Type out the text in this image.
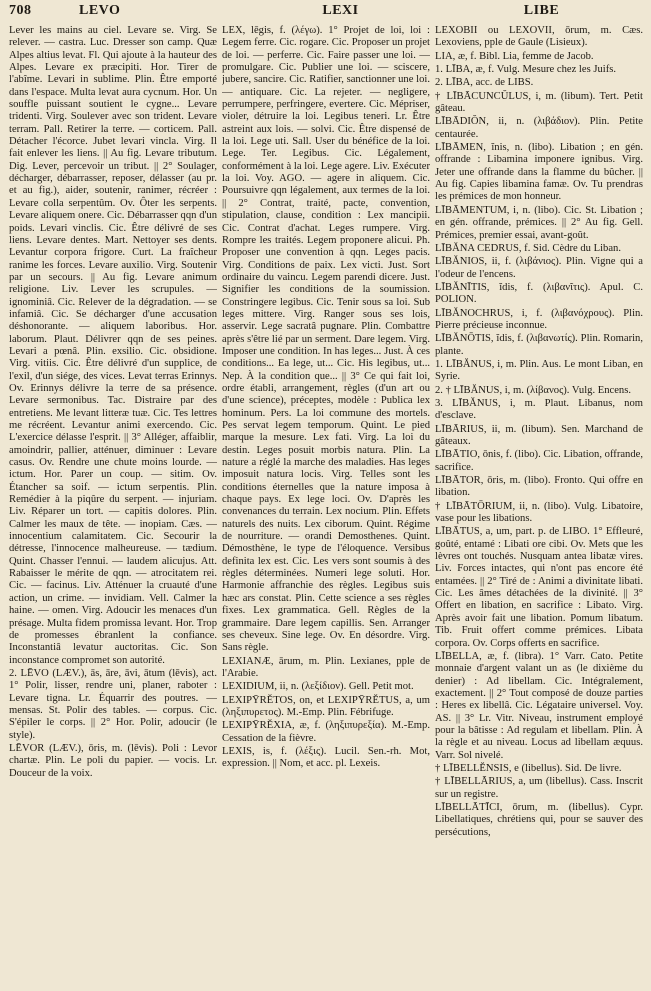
708	LEVO	LEXI	LIBE

Lever les mains au ciel. Levare se. Virg. Se relever. — castra. Luc. Dresser son camp. Quæ Alpes altius levat. Fl. Qui ajoute à la hauteur des Alpes. Levare ex præcipiti. Hor. Tirer de l'abîme. Levari in sublime. Plin. Être emporté dans l'espace. Multa levat aura cycnum. Hor. Un souffle puissant soutient le cygne... Levare tridenti. Virg. Soulever avec son trident. Levare terram. Pall. Retirer la terre. — corticem. Pall. Détacher l'écorce. Jubet levari vincla. Virg. Il fait enlever les liens. || Au fig. Levare tributum. Dig. Lever, percevoir un tribut. || 2° Soulager, décharger, débarrasser, reposer, délasser (au pr. et au fig.), aider, soutenir, ranimer, récréer : Levare colla serpentûm. Ov. Ôter les serpents. Levare aliquem onere. Cic. Débarrasser qqn d'un poids. Levari vinclis. Cic. Être délivré de ses liens. Levare dentes. Mart. Nettoyer ses dents. Levantur corpora frigore. Curt. La fraîcheur ranime les forces. Levare auxilio. Virg. Soutenir par un secours. || Au fig. Levare animum religione. Liv. Lever les scrupules. — ignominiâ. Cic. Relever de la dégradation. — se infamiâ. Cic. Se décharger d'une accusation déshonorante. — aliquem laboribus. Hor. laborum. Plaut. Délivrer qqn de ses peines. Levari a pœnâ. Plin. exsilio. Cic. obsidione. Virg. vitiis. Cic. Être délivré d'un supplice, de l'exil, d'un siége, des vices. Levat terras Erinnys. Ov. Erinnys délivre la terre de sa présence. Levare sermonibus. Tac. Distraire par des entretiens. Me levant litteræ tuæ. Cic. Tes lettres me récréent. Levantur animi exercendo. Cic. L'exercice délasse l'esprit. || 3° Alléger, affaiblir, amoindrir, pallier, atténuer, diminuer : Levare casus. Ov. Rendre une chute moins lourde. — ictum. Hor. Parer un coup. — sitim. Ov. Étancher sa soif. — ictum serpentis. Plin. Remédier à la piqûre du serpent. — injuriam. Liv. Réparer un tort. — capitis dolores. Plin. Calmer les maux de tête. — inopiam. Cæs. — innocentium calamitatem. Cic. Secourir la détresse, l'innocence malheureuse. — tædium. Quint. Chasser l'ennui. — laudem alicujus. Att. Rabaisser le mérite de qqn. — atrocitatem rei. Cic. — facinus. Liv. Atténuer la cruauté d'une action, un crime. — invidiam. Vell. Calmer la haine. — omen. Virg. Adoucir les menaces d'un présage. Multa fidem promissa levant. Hor. Trop de promesses ébranlent la confiance. Inconstantiâ levatur auctoritas. Cic. Son inconstance compromet son autorité.

2. LĒVO (LÆV.), ās, āre, āvi, ātum (lēvis), act. 1° Polir, lisser, rendre uni, planer, raboter : Levare tigna. Lr. Équarrir des poutres. — mensas. St. Polir des tables. — corpus. Cic. S'épiler le corps. || 2° Hor. Polir, adoucir (le style).

LĒVOR (LÆV.), ōris, m. (lēvis). Poli : Levor chartæ. Plin. Le poli du papier. — vocis. Lr. Douceur de la voix.

LEX, lēgis, f. (λέγω). 1° Projet de loi, loi : Legem ferre. Cic. rogare. Cic. Proposer un projet de loi. — perferre. Cic. Faire passer une loi. — promulgare. Cic. Publier une loi. — sciscere, jubere, sancire. Cic. Ratifier, sanctionner une loi. — antiquare. Cic. La rejeter. — negligere, perrumpere, perfringere, everterе. Cic. Mépriser, violer, détruire la loi. Legibus teneri. Lr. Être astreint aux lois. — solvi. Cic. Être dispensé de la loi. Lege uti. Sall. User du bénéfice de la loi. Lege. Ter. Legibus. Cic. Légalement, conformément à la loi. Lege agere. Liv. Exécuter la loi. Voy. AGO. — agere in aliquem. Cic. Poursuivre qqn légalement, aux termes de la loi. || 2° Contrat, traité, pacte, convention, stipulation, clause, condition : Lex mancipii. Cic. Contrat d'achat. Leges rumpere. Virg. Rompre les traités. Legem proponere alicui. Ph. Proposer une convention à qqn. Leges pacis. Virg. Conditions de paix. Lex victi. Just. Sort ordinaire du vaincu. Legem parendi dicere. Just. Signifier les conditions de la soumission. Constringere legibus. Cic. Tenir sous sa loi. Sub leges mittere. Virg. Ranger sous ses lois, asservir. Lege sacratâ pugnare. Plin. Combattre après s'être lié par un serment. Dare legem. Virg. Imposer une condition. In has leges... Just. À ces conditions... Ea lege, ut... Cic. His legibus, ut... Nep. À la condition que... || 3° Ce qui fait loi, ordre établi, arrangement, règles (d'un art ou d'une science), préceptes, modèle : Publica lex hominum. Pers. La loi commune des mortels. Pes servat legem temporum. Quint. Le pied marque la mesure. Lex fati. Virg. La loi du destin. Leges posuit morbis natura. Plin. La nature a réglé la marche des maladies. Has leges imposuit natura locis. Virg. Telles sont les conditions éternelles que la nature imposa à chaque pays. Ex lege loci. Ov. D'après les convenances du terrain. Lex nocium. Plin. Effets naturels des nuits. Lex ciborum. Quint. Régime de nourriture. — orandi Demosthenes. Quint. Démosthène, le type de l'éloquence. Versibus definita lex est. Cic. Les vers sont soumis à des règles déterminées. Numeri lege soluti. Hor. Harmonie affranchie des règles. Legibus suis hæc ars constat. Plin. Cette science a ses règles fixes. Lex grammatica. Gell. Règles de la grammaire. Dare legem capillis. Sen. Arranger ses cheveux. Sine lege. Ov. En désordre. Virg. Sans règle.

LEXIANÆ, ārum, m. Plin. Lexianes, pple de l'Arabie.

LEXIDIUM, ii, n. (λεξίδιον). Gell. Petit mot.

LEXIPȲRĔTOS, on, et LEXIPȲRĔTUS, a, um (ληξιπυρετος). M.-Emp. Plin. Fébrifuge.

LEXIPȲRĔXIA, æ, f. (ληξιπυρεξία). M.-Emp. Cessation de la fièvre.

LEXIS, is, f. (λέξις). Lucil. Sen.-rh. Mot, expression. || Nom, et acc. pl. Lexeis.

LEXOBII ou LEXOVII, ōrum, m. Cæs. Lexoviens, pple de Gaule (Lisieux).

LIA, æ, f. Bibl. Lia, femme de Jacob.

1. LĪBA, æ, f. Vulg. Mesure chez les Juifs.

2. LĪBA, acc. de LIBS.

† LĪBĀCUNCŬLUS, i, m. (libum). Tert. Petit gâteau.

LĪBĀDIŎN, ii, n. (λιβάδιον). Plin. Petite centaurée.

LĪBĀMEN, ĭnis, n. (libo). Libation ; en gén. offrande : Libamina imponere ignibus. Virg. Jeter une offrande dans la flamme du bûcher. || Au fig. Capies libamina famæ. Ov. Tu prendras les prémices de mon honneur.

LĪBĀMENTUM, i, n. (libo). Cic. St. Libation ; en gén. offrande, prémices. || 2° Au fig. Gell. Prémices, premier essai, avant-goût.

LĪBĂNA CEDRUS, f. Sid. Cèdre du Liban.

LĪBĂNIOS, ii, f. (λιβάνιος). Plin. Vigne qui a l'odeur de l'encens.

LĪBĂNĪTIS, ĭdis, f. (λιβανῖτις). Apul. C. POLION.

LĪBĂNOCHRUS, i, f. (λιβανόχρους). Plin. Pierre précieuse inconnue.

LĪBĂNŌTIS, ĭdis, f. (λιβανωτίς). Plin. Romarin, plante.

1. LĪBĂNUS, i, m. Plin. Aus. Le mont Liban, en Syrie.

2. † LĪBĂNUS, i, m. (λίβανος). Vulg. Encens.

3. LĪBĂNUS, i, m. Plaut. Libanus, nom d'esclave.

LĪBĀRIUS, ii, m. (libum). Sen. Marchand de gâteaux.

LĪBĀTIO, ōnis, f. (libo). Cic. Libation, offrande, sacrifice.

LĪBĀTOR, ōris, m. (libo). Fronto. Qui offre en libation.

† LĪBĀTŌRIUM, ii, n. (libo). Vulg. Libatoire, vase pour les libations.

LĪBĀTUS, a, um, part. p. de LIBO. 1° Effleuré, goûté, entamé : Libati ore cibi. Ov. Mets que les lèvres ont touchés. Nusquam antea libatæ vires. Liv. Forces intactes, qui n'ont pas encore été entamées. || 2° Tiré de : Animi a divinitate libati. Cic. Les âmes détachées de la divinité. || 3° Offert en libation, en sacrifice : Libato. Virg. Après avoir fait une libation. Pomum libatum. Tib. Fruit offert comme prémices. Libata corpora. Ov. Corps offerts en sacrifice.

LĪBELLA, æ, f. (libra). 1° Varr. Cato. Petite monnaie d'argent valant un as (le dixième du denier) : Ad libellam. Cic. Intégralement, exactement. || 2° Tout composé de douze parties : Heres ex libellâ. Cic. Légataire universel. Voy. AS. || 3° Lr. Vitr. Niveau, instrument employé pour la bâtisse : Ad regulam et libellam. Plin. À la règle et au niveau. Locus ad libellam æquus. Varr. Sol nivelé.

† LĪBELLĔNSIS, e (libellus). Sid. De livre.

† LĪBELLĀRIUS, a, um (libellus). Cass. Inscrit sur un registre.

LĪBELLĀTĪCI, ōrum, m. (libellus). Cypr. Libellatiques, chrétiens qui, pour se sauver des persécutions,
